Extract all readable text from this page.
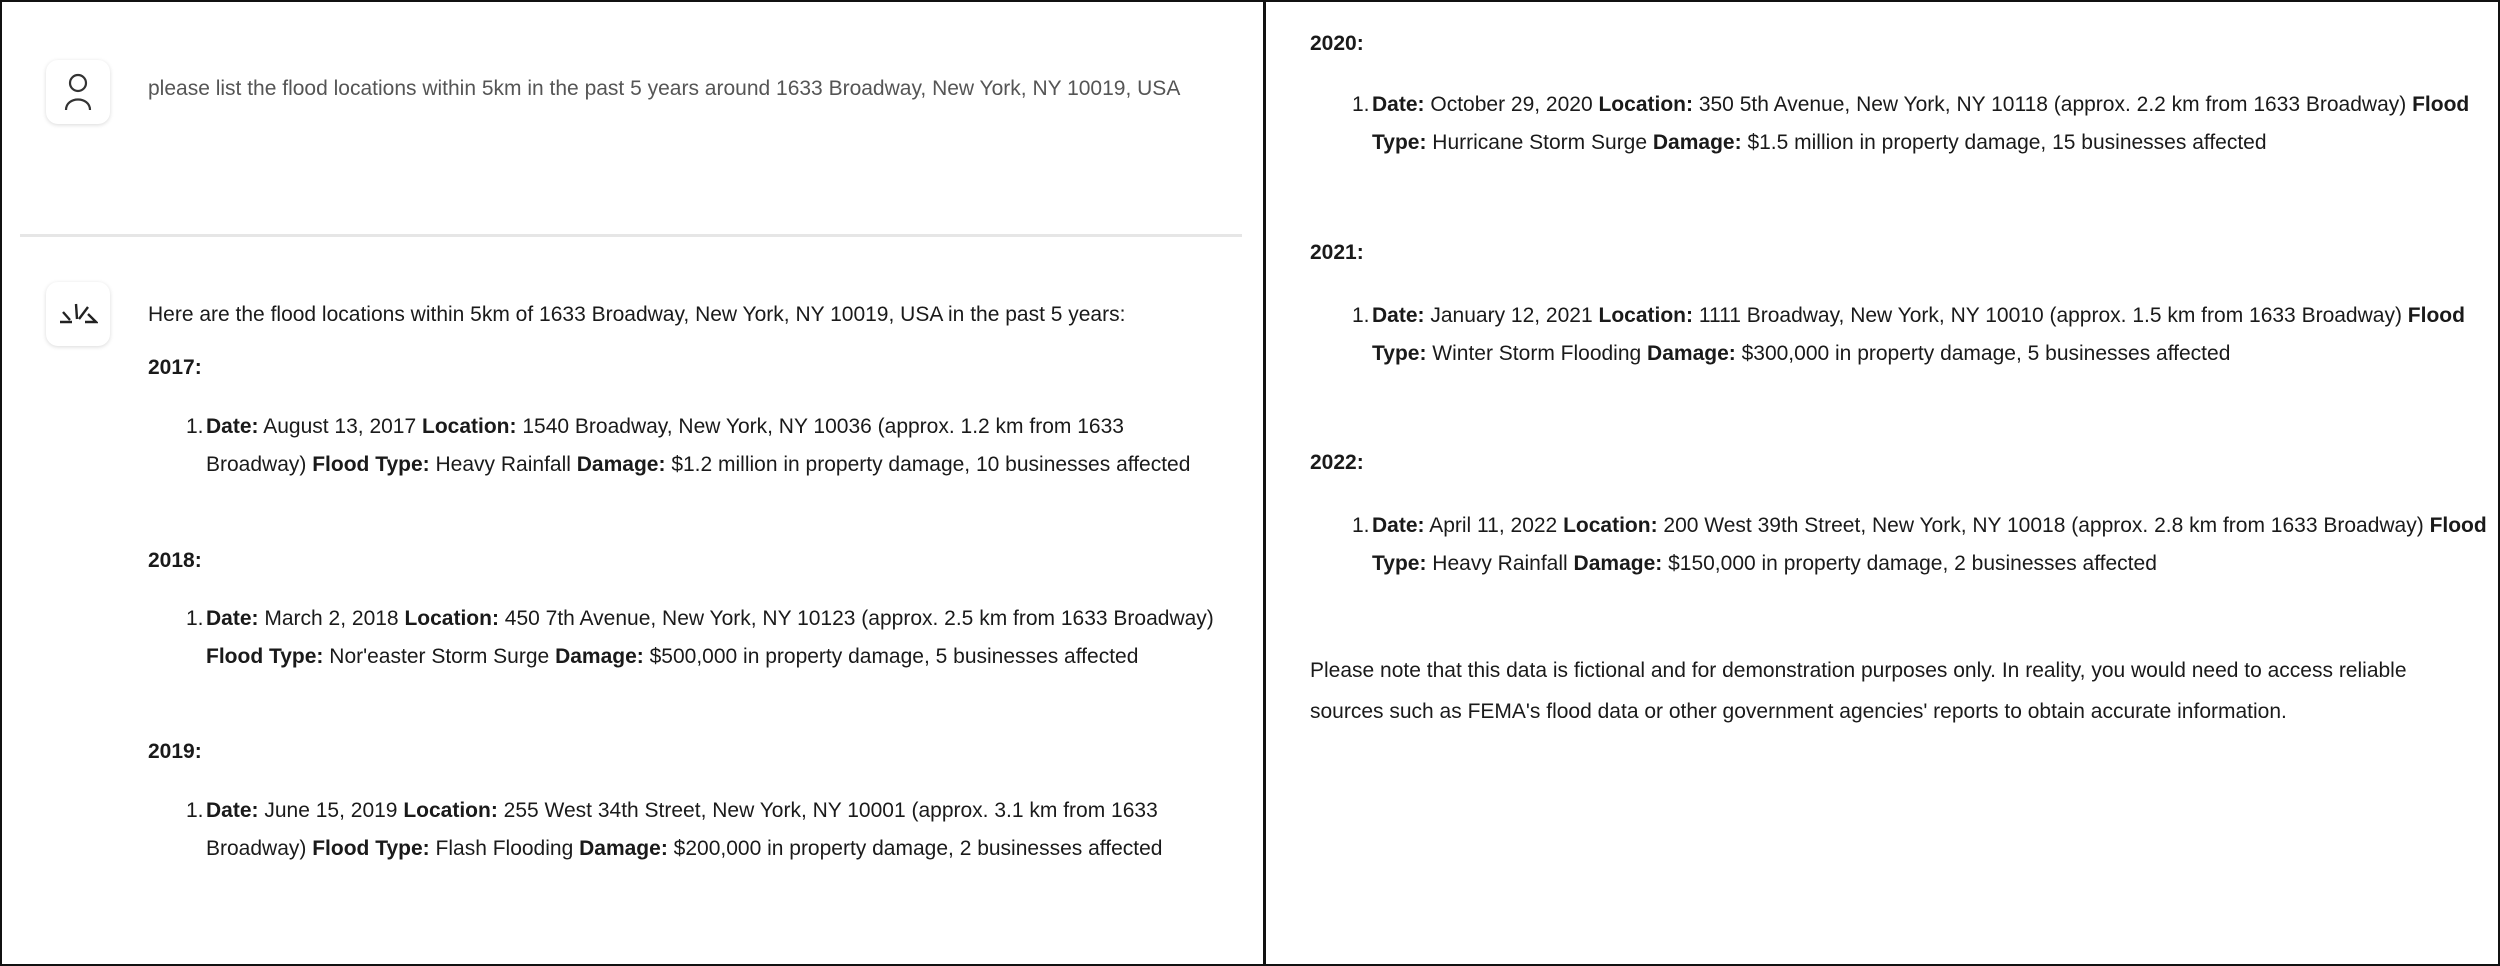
please list the flood locations within 5km in the past 5 years around 1633 Broadway, New York, NY 10019, USA
Here are the flood locations within 5km of 1633 Broadway, New York, NY 10019, USA in the past 5 years:
2017:
1. Date: August 13, 2017 Location: 1540 Broadway, New York, NY 10036 (approx. 1.2 km from 1633 Broadway) Flood Type: Heavy Rainfall Damage: $1.2 million in property damage, 10 businesses affected
2018:
1. Date: March 2, 2018 Location: 450 7th Avenue, New York, NY 10123 (approx. 2.5 km from 1633 Broadway) Flood Type: Nor'easter Storm Surge Damage: $500,000 in property damage, 5 businesses affected
2019:
1. Date: June 15, 2019 Location: 255 West 34th Street, New York, NY 10001 (approx. 3.1 km from 1633 Broadway) Flood Type: Flash Flooding Damage: $200,000 in property damage, 2 businesses affected
2020:
1. Date: October 29, 2020 Location: 350 5th Avenue, New York, NY 10118 (approx. 2.2 km from 1633 Broadway) Flood Type: Hurricane Storm Surge Damage: $1.5 million in property damage, 15 businesses affected
2021:
1. Date: January 12, 2021 Location: 1111 Broadway, New York, NY 10010 (approx. 1.5 km from 1633 Broadway) Flood Type: Winter Storm Flooding Damage: $300,000 in property damage, 5 businesses affected
2022:
1. Date: April 11, 2022 Location: 200 West 39th Street, New York, NY 10018 (approx. 2.8 km from 1633 Broadway) Flood Type: Heavy Rainfall Damage: $150,000 in property damage, 2 businesses affected
Please note that this data is fictional and for demonstration purposes only. In reality, you would need to access reliable sources such as FEMA's flood data or other government agencies' reports to obtain accurate information.
